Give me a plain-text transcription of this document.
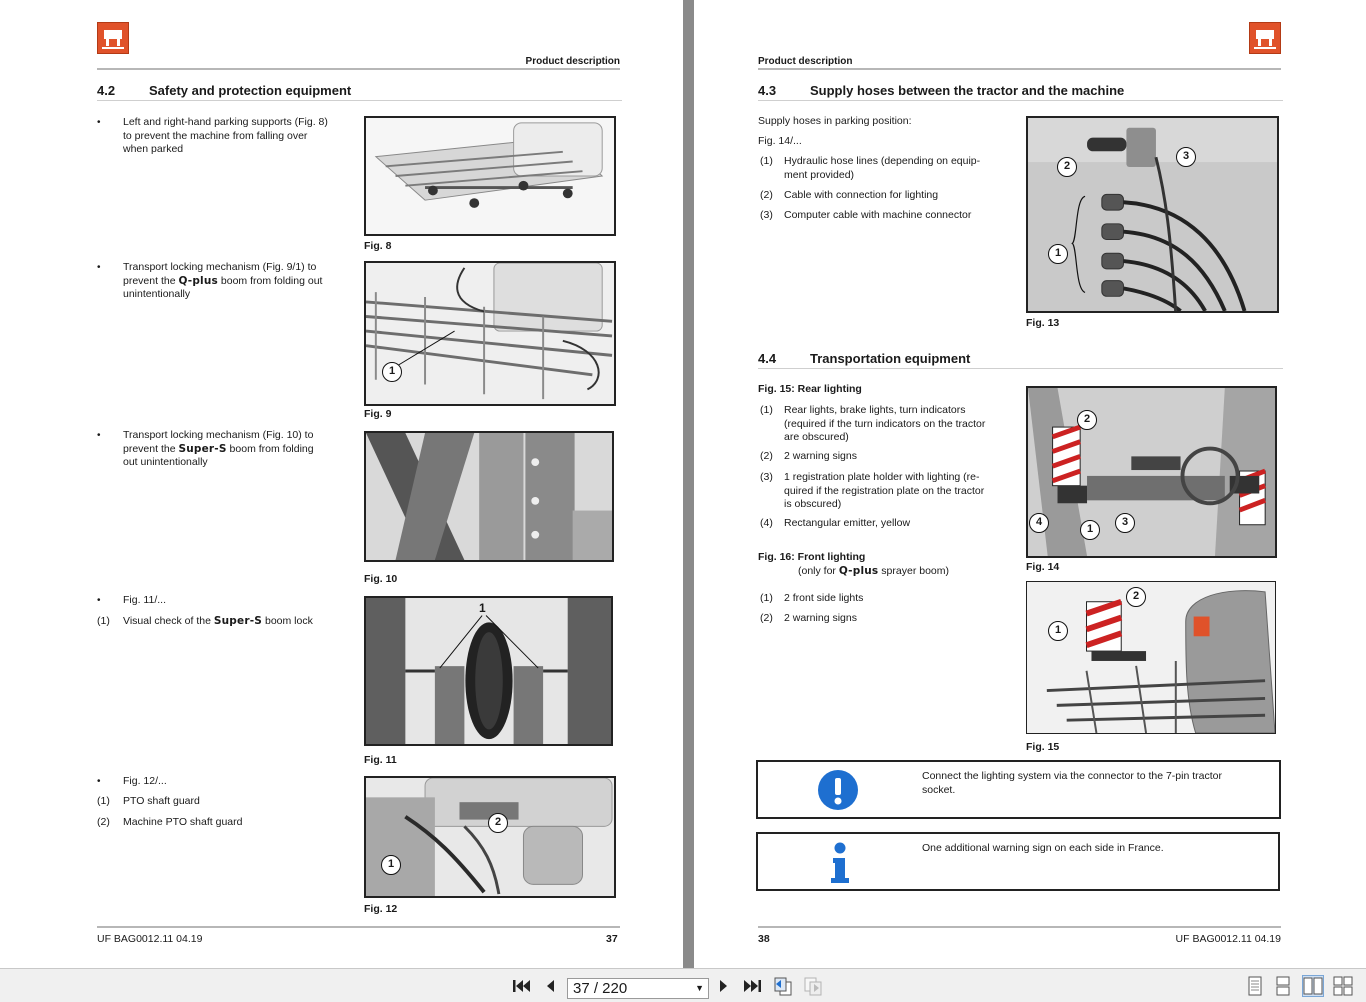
Product description
4.2	Safety and protection equipment
• Left and right-hand parking supports (Fig. 8)
to prevent the machine from falling over
when parked
Fig. 8
• Transport locking mechanism (Fig. 9/1) to
prevent the Q-plus boom from folding out
unintentionally
1
Fig. 9
• Transport locking mechanism (Fig. 10) to
prevent the Super-S boom from folding
out unintentionally
Fig. 10
• Fig. 11/...
(1) Visual check of the Super-S boom lock
1
Fig. 11
• Fig. 12/...
(1) PTO shaft guard
(2) Machine PTO shaft guard
1
2
Fig. 12
UF BAG0012.11 04.19	37
Product description
4.3	Supply hoses between the tractor and the machine
Supply hoses in parking position:
Fig. 14/...
(1) Hydraulic hose lines (depending on equip-
ment provided)
(2) Cable with connection for lighting
(3) Computer cable with machine connector
2
3
1
Fig. 13
4.4	Transportation equipment
Fig. 15: Rear lighting
(1) Rear lights, brake lights, turn indicators
(required if the turn indicators on the tractor
are obscured)
(2) 2 warning signs
(3) 1 registration plate holder with lighting (re-
quired if the registration plate on the tractor
is obscured)
(4) Rectangular emitter, yellow
2
4
1
3
Fig. 14
Fig. 16: Front lighting
(only for Q-plus sprayer boom)
(1) 2 front side lights
(2) 2 warning signs
1
2
Fig. 15
Connect the lighting system via the connector to the 7-pin tractor
socket.
One additional warning sign on each side in France.
38	UF BAG0012.11 04.19
37 / 220	▼
